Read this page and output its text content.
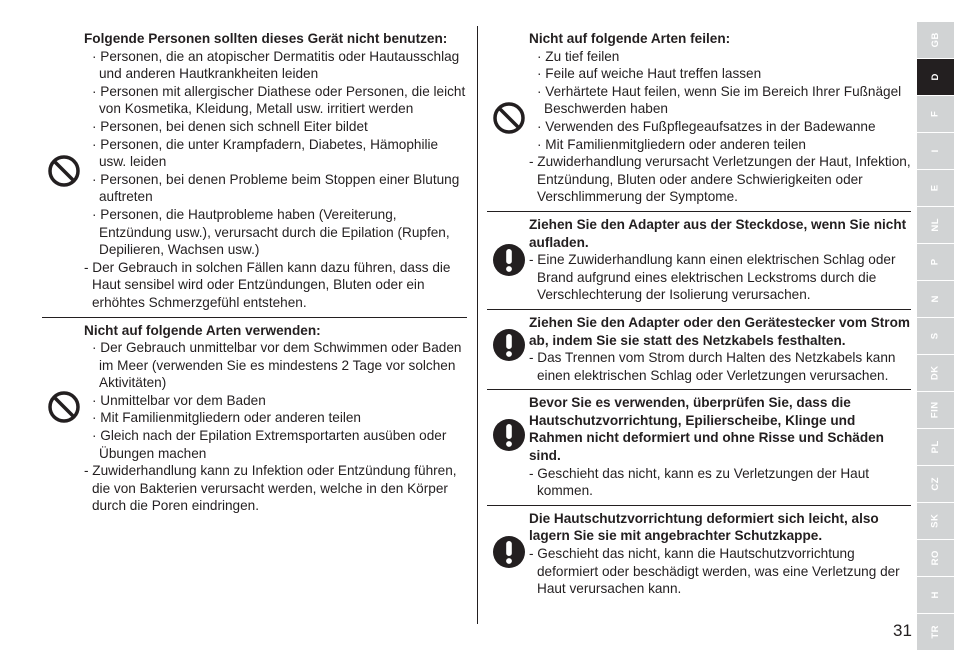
Folgende Personen sollten dieses Gerät nicht benutzen:
· Personen, die an atopischer Dermatitis oder Hautausschlag und anderen Hautkrankheiten leiden
· Personen mit allergischer Diathese oder Personen, die leicht von Kosmetika, Kleidung, Metall usw. irritiert werden
· Personen, bei denen sich schnell Eiter bildet
· Personen, die unter Krampfadern, Diabetes, Hämophilie usw. leiden
· Personen, bei denen Probleme beim Stoppen einer Blutung auftreten
· Personen, die Hautprobleme haben (Vereiterung, Entzündung usw.), verursacht durch die Epilation (Rupfen, Depilieren, Wachsen usw.)
- Der Gebrauch in solchen Fällen kann dazu führen, dass die Haut sensibel wird oder Entzündungen, Bluten oder ein erhöhtes Schmerzgefühl entstehen.
Nicht auf folgende Arten verwenden:
· Der Gebrauch unmittelbar vor dem Schwimmen oder Baden im Meer (verwenden Sie es mindestens 2 Tage vor solchen Aktivitäten)
· Unmittelbar vor dem Baden
· Mit Familienmitgliedern oder anderen teilen
· Gleich nach der Epilation Extremsportarten ausüben oder Übungen machen
- Zuwiderhandlung kann zu Infektion oder Entzündung führen, die von Bakterien verursacht werden, welche in den Körper durch die Poren eindringen.
Nicht auf folgende Arten feilen:
· Zu tief feilen
· Feile auf weiche Haut treffen lassen
· Verhärtete Haut feilen, wenn Sie im Bereich Ihrer Fußnägel Beschwerden haben
· Verwenden des Fußpflegeaufsatzes in der Badewanne
· Mit Familienmitgliedern oder anderen teilen
- Zuwiderhandlung verursacht Verletzungen der Haut, Infektion, Entzündung, Bluten oder andere Schwierigkeiten oder Verschlimmerung der Symptome.
Ziehen Sie den Adapter aus der Steckdose, wenn Sie nicht aufladen.
- Eine Zuwiderhandlung kann einen elektrischen Schlag oder Brand aufgrund eines elektrischen Leckstroms durch die Verschlechterung der Isolierung verursachen.
Ziehen Sie den Adapter oder den Gerätestecker vom Strom ab, indem Sie sie statt des Netzkabels festhalten.
- Das Trennen vom Strom durch Halten des Netzkabels kann einen elektrischen Schlag oder Verletzungen verursachen.
Bevor Sie es verwenden, überprüfen Sie, dass die Hautschutzvorrichtung, Epilierscheibe, Klinge und Rahmen nicht deformiert und ohne Risse und Schäden sind.
- Geschieht das nicht, kann es zu Verletzungen der Haut kommen.
Die Hautschutzvorrichtung deformiert sich leicht, also lagern Sie sie mit angebrachter Schutzkappe.
- Geschieht das nicht, kann die Hautschutzvorrichtung deformiert oder beschädigt werden, was eine Verletzung der Haut verursachen kann.
GB
D
F
I
E
NL
P
N
S
DK
FIN
PL
CZ
SK
RO
H
TR
31
